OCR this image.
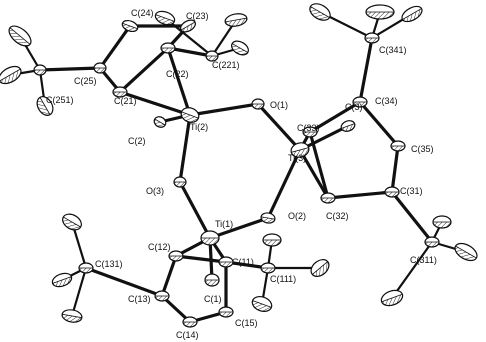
C(24)	C(23)
C(341)
C(22)
C(221)
C(25)
C(21)
C(251)
C(3)
C(34)
O(1)
Ti(2)	C(33)
C(2)
Ti(3)
C(35)
O(3)	C(31)
C(32)
O(2)
Ti(1)
C(12)
C(131)	C(11)	C(311)
C(111)
C(13)	C(1)
C(15)
C(14)
